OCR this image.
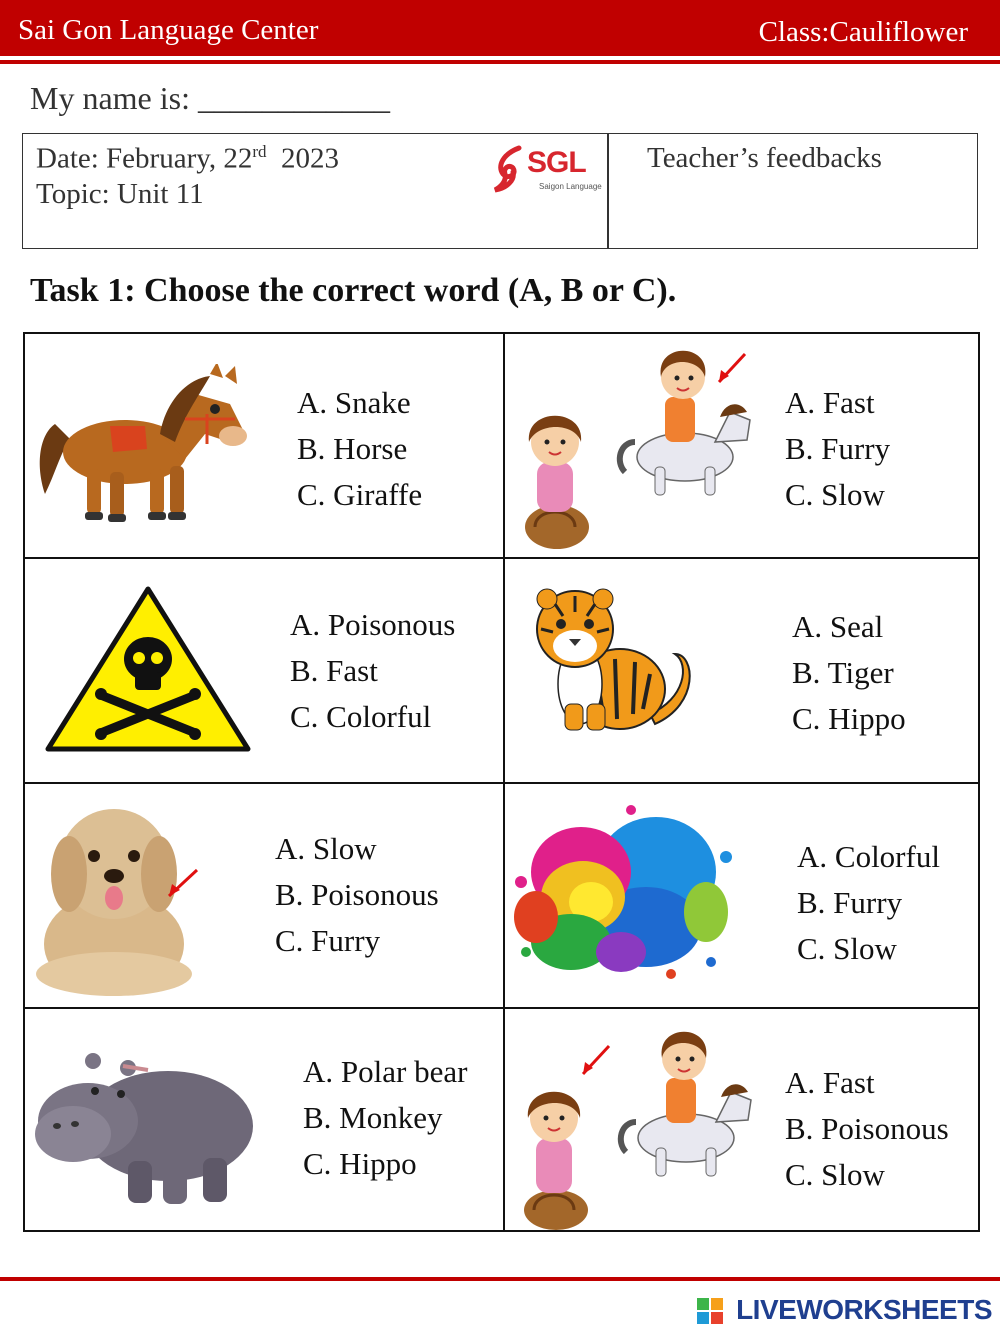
Sai Gon Language Center	Class:Cauliflower
My name is: ____________
Date: February, 22rd  2023
Topic: Unit 11
SGL
Saigon Language
Teacher’s feedbacks
Task 1: Choose the correct word (A, B or C).
A. Snake
B. Horse
C. Giraffe
A. Fast
B. Furry
C. Slow
A. Poisonous
B. Fast
C. Colorful
A. Seal
B. Tiger
C. Hippo
A. Slow
B. Poisonous
C. Furry
A. Colorful
B. Furry
C. Slow
A. Polar bear
B. Monkey
C. Hippo
A. Fast
B. Poisonous
C. Slow
LIVEWORKSHEETS
